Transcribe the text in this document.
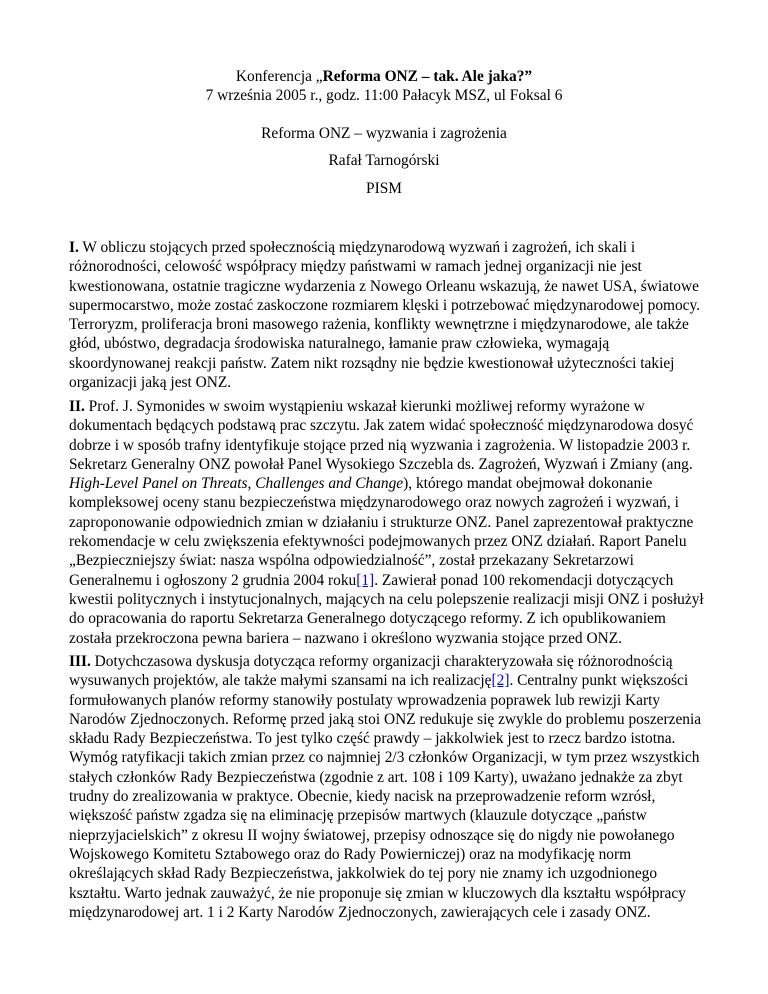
Konferencja „Reforma ONZ – tak. Ale jaka?”
7 września 2005 r., godz. 11:00 Pałacyk MSZ, ul Foksal 6
Reforma ONZ – wyzwania i zagrożenia
Rafał Tarnogórski
PISM

I. W obliczu stojących przed społecznością międzynarodową wyzwań i zagrożeń, ich skali i różnorodności, celowość współpracy między państwami w ramach jednej organizacji nie jest kwestionowana, ostatnie tragiczne wydarzenia z Nowego Orleanu wskazują, że nawet USA, światowe supermocarstwo, może zostać zaskoczone rozmiarem klęski i potrzebować międzynarodowej pomocy. Terroryzm, proliferacja broni masowego rażenia, konflikty wewnętrzne i międzynarodowe, ale także głód, ubóstwo, degradacja środowiska naturalnego, łamanie praw człowieka, wymagają skoordynowanej reakcji państw. Zatem nikt rozsądny nie będzie kwestionował użyteczności takiej organizacji jaką jest ONZ.

II. Prof. J. Symonides w swoim wystąpieniu wskazał kierunki możliwej reformy wyrażone w dokumentach będących podstawą prac szczytu. Jak zatem widać społeczność międzynarodowa dosyć dobrze i w sposób trafny identyfikuje stojące przed nią wyzwania i zagrożenia. W listopadzie 2003 r. Sekretarz Generalny ONZ powołał Panel Wysokiego Szczebla ds. Zagrożeń, Wyzwań i Zmiany (ang. High-Level Panel on Threats, Challenges and Change), którego mandat obejmował dokonanie kompleksowej oceny stanu bezpieczeństwa międzynarodowego oraz nowych zagrożeń i wyzwań, i zaproponowanie odpowiednich zmian w działaniu i strukturze ONZ. Panel zaprezentował praktyczne rekomendacje w celu zwiększenia efektywności podejmowanych przez ONZ działań. Raport Panelu „Bezpieczniejszy świat: nasza wspólna odpowiedzialność”, został przekazany Sekretarzowi Generalnemu i ogłoszony 2 grudnia 2004 roku[1]. Zawierał ponad 100 rekomendacji dotyczących kwestii politycznych i instytucjonalnych, mających na celu polepszenie realizacji misji ONZ i posłużył do opracowania do raportu Sekretarza Generalnego dotyczącego reformy. Z ich opublikowaniem została przekroczona pewna bariera – nazwano i określono wyzwania stojące przed ONZ.

III. Dotychczasowa dyskusja dotycząca reformy organizacji charakteryzowała się różnorodnością wysuwanych projektów, ale także małymi szansami na ich realizację[2]. Centralny punkt większości formułowanych planów reformy stanowiły postulaty wprowadzenia poprawek lub rewizji Karty Narodów Zjednoczonych. Reformę przed jaką stoi ONZ redukuje się zwykle do problemu poszerzenia składu Rady Bezpieczeństwa. To jest tylko część prawdy – jakkolwiek jest to rzecz bardzo istotna. Wymóg ratyfikacji takich zmian przez co najmniej 2/3 członków Organizacji, w tym przez wszystkich stałych członków Rady Bezpieczeństwa (zgodnie z art. 108 i 109 Karty), uważano jednakże za zbyt trudny do zrealizowania w praktyce. Obecnie, kiedy nacisk na przeprowadzenie reform wzrósł, większość państw zgadza się na eliminację przepisów martwych (klauzule dotyczące „państw nieprzyjacielskich” z okresu II wojny światowej, przepisy odnoszące się do nigdy nie powołanego Wojskowego Komitetu Sztabowego oraz do Rady Powierniczej) oraz na modyfikację norm określających skład Rady Bezpieczeństwa, jakkolwiek do tej pory nie znamy ich uzgodnionego kształtu. Warto jednak zauważyć, że nie proponuje się zmian w kluczowych dla kształtu współpracy międzynarodowej art. 1 i 2 Karty Narodów Zjednoczonych, zawierających cele i zasady ONZ.
